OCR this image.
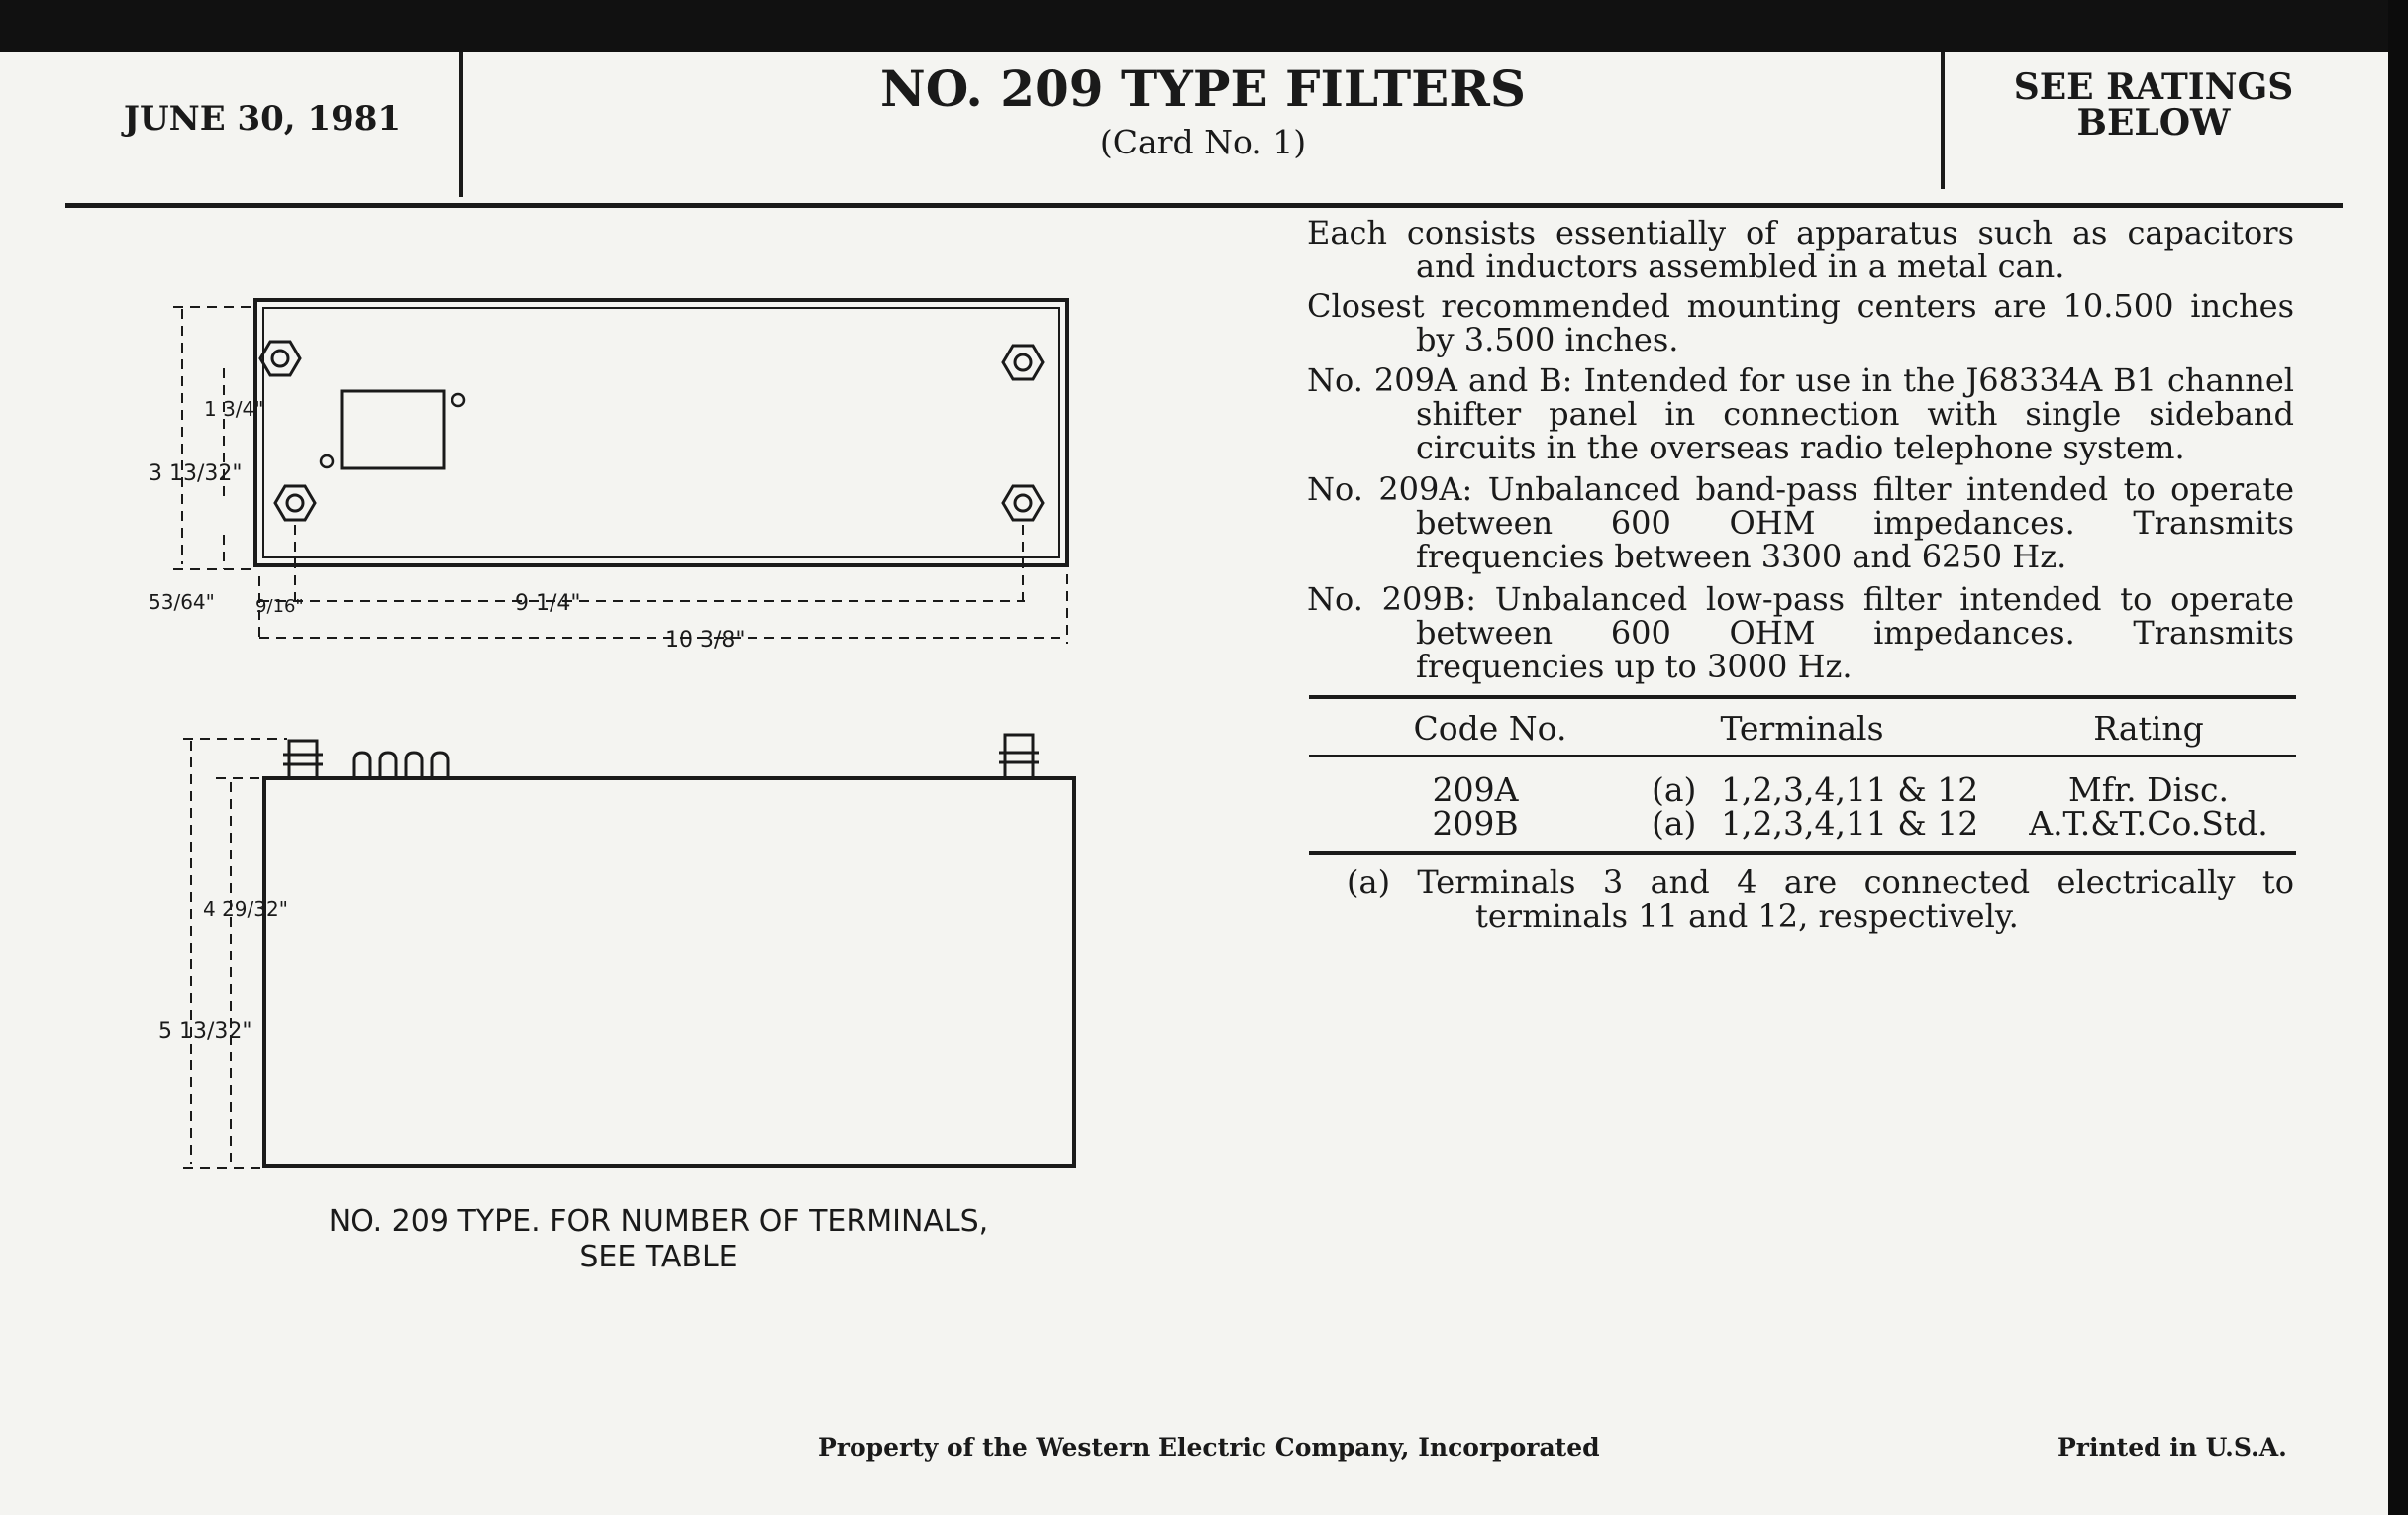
JUNE 30, 1981
NO. 209 TYPE FILTERS
(Card No. 1)
SEE RATINGS
BELOW
Each consists essentially of apparatus such as capacitors and inductors assembled in a metal can.
Closest recommended mounting centers are 10.500 inches by 3.500 inches.
No. 209A and B: Intended for use in the J68334A B1 channel shifter panel in connection with single sideband circuits in the overseas radio telephone system.
No. 209A: Unbalanced band-pass filter intended to operate between 600 OHM impedances. Transmits frequencies between 3300 and 6250 Hz.
No. 209B: Unbalanced low-pass filter intended to operate between 600 OHM impedances. Transmits frequencies up to 3000 Hz.
Code No.	Terminals	Rating
209A	(a) 1,2,3,4,11 & 12	Mfr. Disc.
209B	(a) 1,2,3,4,11 & 12	A.T.&T.Co.Std.
(a) Terminals 3 and 4 are connected electrically to terminals 11 and 12, respectively.
3 13/32"
1 3/4"
53/64" 9/16"	9 1/4"
10 3/8"
4 29/32"
5 13/32"
NO. 209 TYPE. FOR NUMBER OF TERMINALS,
SEE TABLE
Property of the Western Electric Company, Incorporated	Printed in U.S.A.
